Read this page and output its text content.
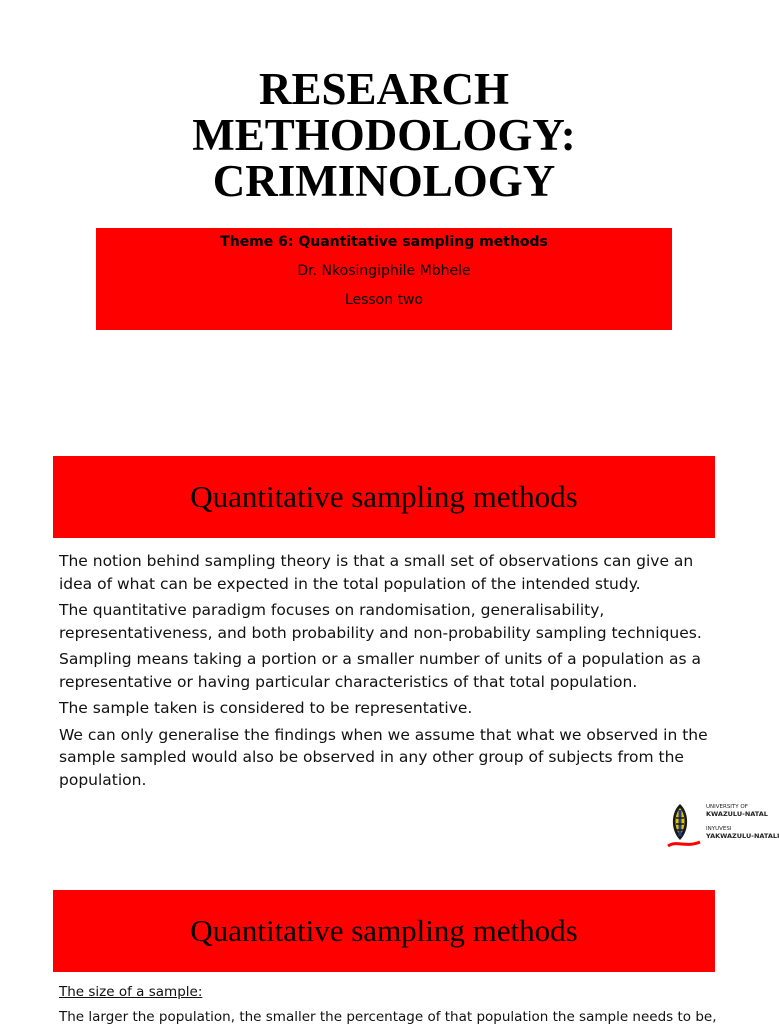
RESEARCH
METHODOLOGY:
CRIMINOLOGY
Theme 6: Quantitative sampling methods
Dr. Nkosingiphile Mbhele
Lesson two
Quantitative sampling methods

The notion behind sampling theory is that a small set of observations can give an idea of what can be expected in the total population of the intended study.

The quantitative paradigm focuses on randomisation, generalisability, representativeness, and both probability and non-probability sampling techniques.

Sampling means taking a portion or a smaller number of units of a population as a representative or having particular characteristics of that total population.

The sample taken is considered to be representative.

We can only generalise the findings when we assume that what we observed in the sample sampled would also be observed in any other group of subjects from the population.

UNIVERSITY OF
KWAZULU-NATAL
INYUVESI
YAKWAZULU-NATALI
Quantitative sampling methods
The size of a sample:
The larger the population, the smaller the percentage of that population the sample needs to be,
